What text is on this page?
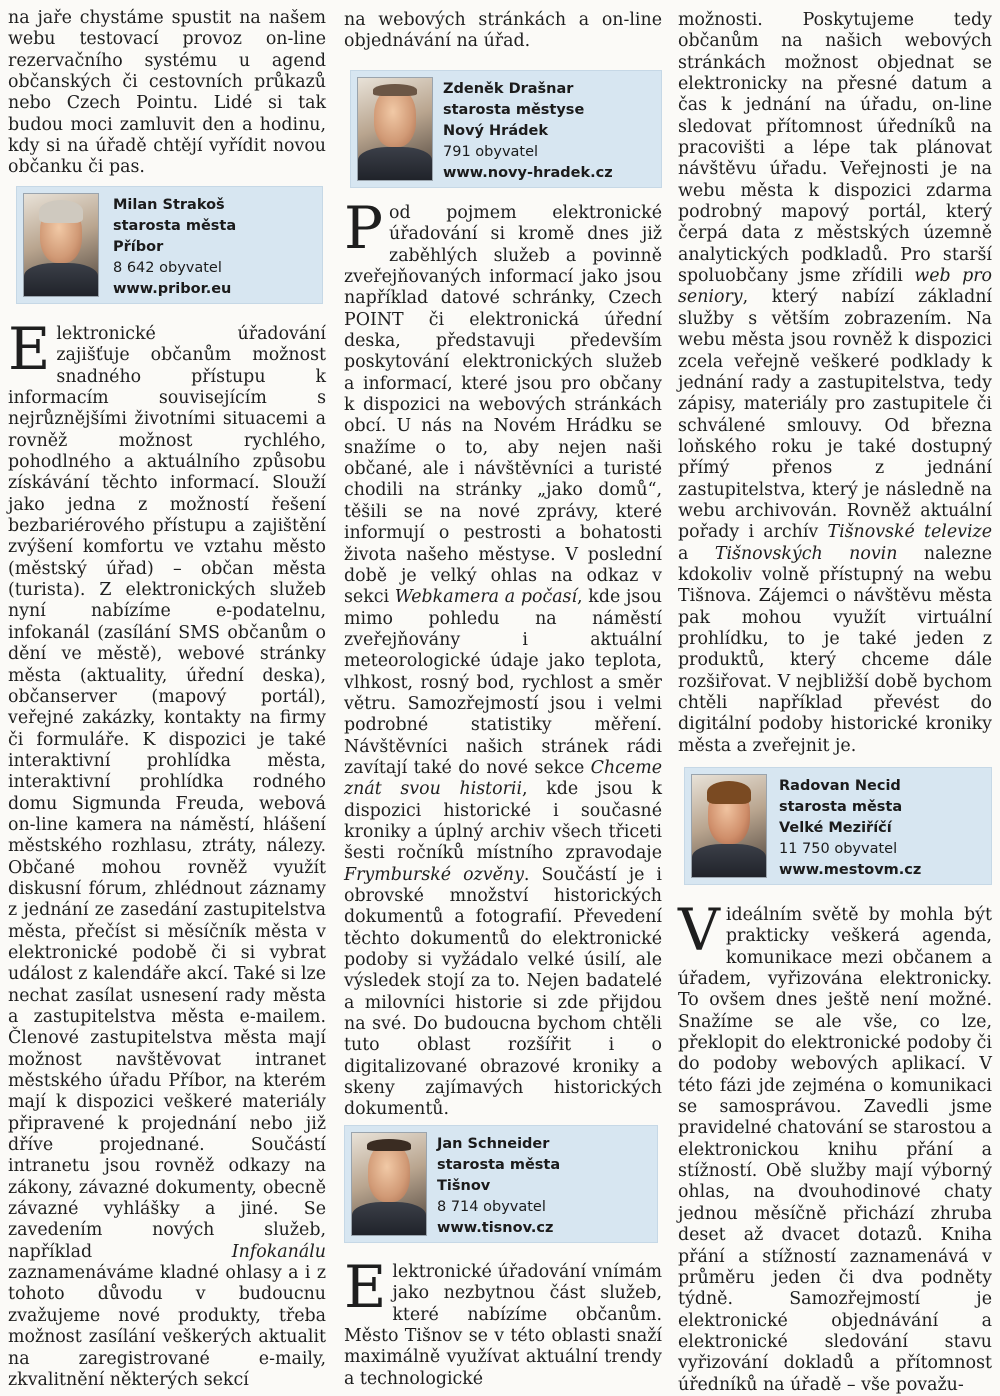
na jaře chystáme spustit na našem webu testovací provoz on-line rezervačního systému u agend občanských či cestovních průkazů nebo Czech Pointu. Lidé si tak budou moci zamluvit den a hodinu, kdy si na úřadě chtějí vyřídit novou občanku či pas.

Elektronické úřadování zajišťuje občanům možnost snadného přístupu k informacím souvisejícím s nejrůznějšími životními situacemi a rovněž možnost rychlého, pohodlného a aktuálního způsobu získávání těchto informací. Slouží jako jedna z možností řešení bezbariérového přístupu a zajištění zvýšení komfortu ve vztahu město (městský úřad) – občan města (turista). Z elektronických služeb nyní nabízíme e-podatelnu, infokanál (zasílání SMS občanům o dění ve městě), webové stránky města (aktuality, úřední deska), občanserver (mapový portál), veřejné zakázky, kontakty na firmy či formuláře. K dispozici je také interaktivní prohlídka města, interaktivní prohlídka rodného domu Sigmunda Freuda, webová on-line kamera na náměstí, hlášení městského rozhlasu, ztráty, nálezy. Občané mohou rovněž využít diskusní fórum, zhlédnout záznamy z jednání ze zasedání zastupitelstva města, přečíst si měsíčník města v elektronické podobě či si vybrat událost z kalendáře akcí. Také si lze nechat zasílat usnesení rady města a zastupitelstva města e-mailem. Členové zastupitelstva města mají možnost navštěvovat intranet městského úřadu Příbor, na kterém mají k dispozici veškeré materiály připravené k projednání nebo již dříve projednané. Součástí intranetu jsou rovněž odkazy na zákony, závazné dokumenty, obecně závazné vyhlášky a jiné. Se zavedením nových služeb, například Infokanálu zaznamenáváme kladné ohlasy a i z tohoto důvodu v budoucnu zvažujeme nové produkty, třeba možnost zasílání veškerých aktualit na zaregistrované e-maily, zkvalitnění některých sekcí

Milan Strakoš
starosta města
Příbor
8 642 obyvatel
www.pribor.eu

na webových stránkách a on-line objednávání na úřad.

Pod pojmem elektronické úřadování si kromě dnes již zaběhlých služeb a povinně zveřejňovaných informací jako jsou například datové schránky, Czech POINT či elektronická úřední deska, představuji především poskytování elektronických služeb a informací, které jsou pro občany k dispozici na webových stránkách obcí. U nás na Novém Hrádku se snažíme o to, aby nejen naši občané, ale i návštěvníci a turisté chodili na stránky „jako domů“, těšili se na nové zprávy, které informují o pestrosti a bohatosti života našeho městyse. V poslední době je velký ohlas na odkaz v sekci Webkamera a počasí, kde jsou mimo pohledu na náměstí zveřejňovány i aktuální meteorologické údaje jako teplota, vlhkost, rosný bod, rychlost a směr větru. Samozřejmostí jsou i velmi podrobné statistiky měření. Návštěvníci našich stránek rádi zavítají také do nové sekce Chceme znát svou historii, kde jsou k dispozici historické i současné kroniky a úplný archiv všech třiceti šesti ročníků místního zpravodaje Frymburské ozvěny. Součástí je i obrovské množství historických dokumentů a fotografií. Převedení těchto dokumentů do elektronické podoby si vyžádalo velké úsilí, ale výsledek stojí za to. Nejen badatelé a milovníci historie si zde přijdou na své. Do budoucna bychom chtěli tuto oblast rozšířit i o digitalizované obrazové kroniky a skeny zajímavých historických dokumentů.

Elektronické úřadování vnímám jako nezbytnou část služeb, které nabízíme občanům. Město Tišnov se v této oblasti snaží maximálně využívat aktuální trendy a technologické

Zdeněk Drašnar
starosta městyse
Nový Hrádek
791 obyvatel
www.novy-hradek.cz
Jan Schneider
starosta města
Tišnov
8 714 obyvatel
www.tisnov.cz

možnosti. Poskytujeme tedy občanům na našich webových stránkách možnost objednat se elektronicky na přesné datum a čas k jednání na úřadu, on-line sledovat přítomnost úředníků na pracovišti a lépe tak plánovat návštěvu úřadu. Veřejnosti je na webu města k dispozici zdarma podrobný mapový portál, který čerpá data z městských územně analytických podkladů. Pro starší spoluobčany jsme zřídili web pro seniory, který nabízí základní služby s větším zobrazením. Na webu města jsou rovněž k dispozici zcela veřejně veškeré podklady k jednání rady a zastupitelstva, tedy zápisy, materiály pro zastupitele či schválené smlouvy. Od března loňského roku je také dostupný přímý přenos z jednání zastupitelstva, který je následně na webu archivován. Rovněž aktuální pořady i archív Tišnovské televize a Tišnovských novin nalezne kdokoliv volně přístupný na webu Tišnova. Zájemci o návštěvu města pak mohou využít virtuální prohlídku, to je také jeden z produktů, který chceme dále rozšiřovat. V nejbližší době bychom chtěli například převést do digitální podoby historické kroniky města a zveřejnit je.

V ideálním světě by mohla být prakticky veškerá agenda, komunikace mezi občanem a úřadem, vyřizována elektronicky. To ovšem dnes ještě není možné. Snažíme se ale vše, co lze, překlopit do elektronické podoby či do podoby webových aplikací. V této fázi jde zejména o komunikaci se samosprávou. Zavedli jsme pravidelné chatování se starostou a elektronickou knihu přání a stížností. Obě služby mají výborný ohlas, na dvouhodinové chaty jednou měsíčně přichází zhruba deset až dvacet dotazů. Kniha přání a stížností zaznamenává v průměru jeden či dva podněty týdně. Samozřejmostí je elektronické objednávání a elektronické sledování stavu vyřizování dokladů a přítomnost úředníků na úřadě – vše považu-

Radovan Necid
starosta města
Velké Meziříčí
11 750 obyvatel
www.mestovm.cz
